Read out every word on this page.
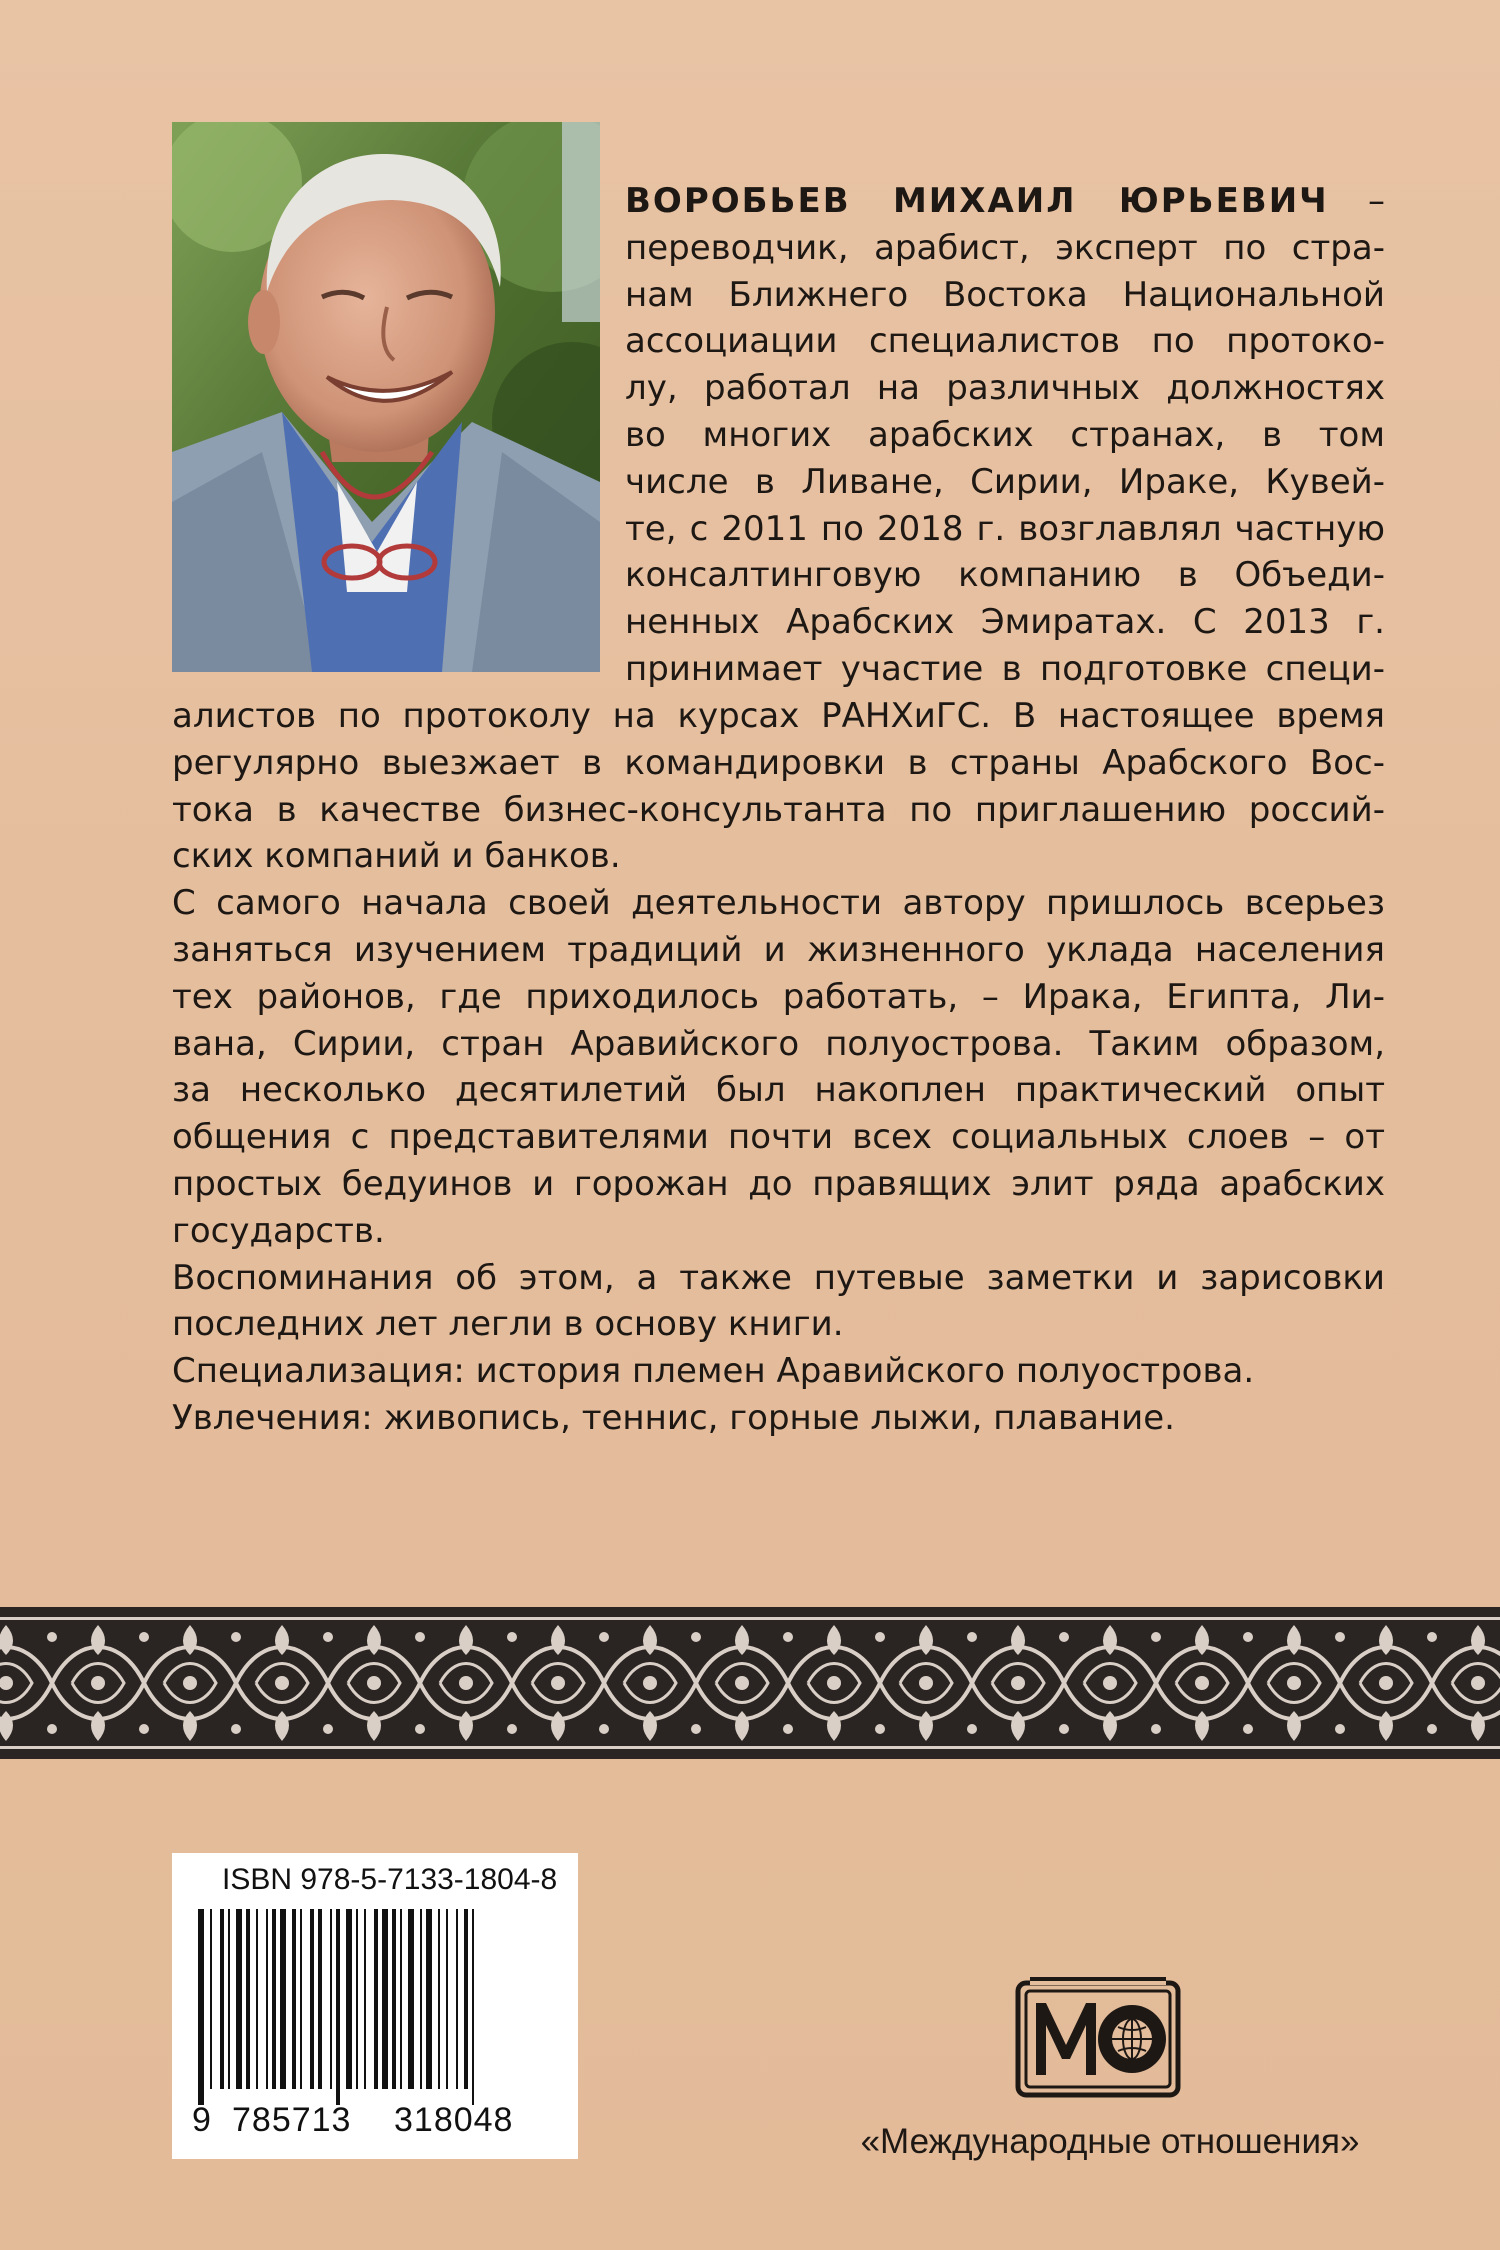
ВОРОБЬЕВ МИХАИЛ ЮРЬЕВИЧ –
переводчик, арабист, эксперт по стра-
нам Ближнего Востока Национальной
ассоциации специалистов по протоко-
лу, работал на различных должностях
во многих арабских странах, в том
числе в Ливане, Сирии, Ираке, Кувей-
те, с 2011 по 2018 г. возглавлял частную
консалтинговую компанию в Объеди-
ненных Арабских Эмиратах. С 2013 г.
принимает участие в подготовке специ-
алистов по протоколу на курсах РАНХиГС. В настоящее время
регулярно выезжает в командировки в страны Арабского Вос-
тока в качестве бизнес-консультанта по приглашению россий-
ских компаний и банков.
С самого начала своей деятельности автору пришлось всерьез
заняться изучением традиций и жизненного уклада населения
тех районов, где приходилось работать, – Ирака, Египта, Ли-
вана, Сирии, стран Аравийского полуострова. Таким образом,
за несколько десятилетий был накоплен практический опыт
общения с представителями почти всех социальных слоев – от
простых бедуинов и горожан до правящих элит ряда арабских
государств.
Воспоминания об этом, а также путевые заметки и зарисовки
последних лет легли в основу книги.
Специализация: история племен Аравийского полуострова.
Увлечения: живопись, теннис, горные лыжи, плавание.
ISBN 978-5-7133-1804-8
9 785713 318048
«Международные отношения»
